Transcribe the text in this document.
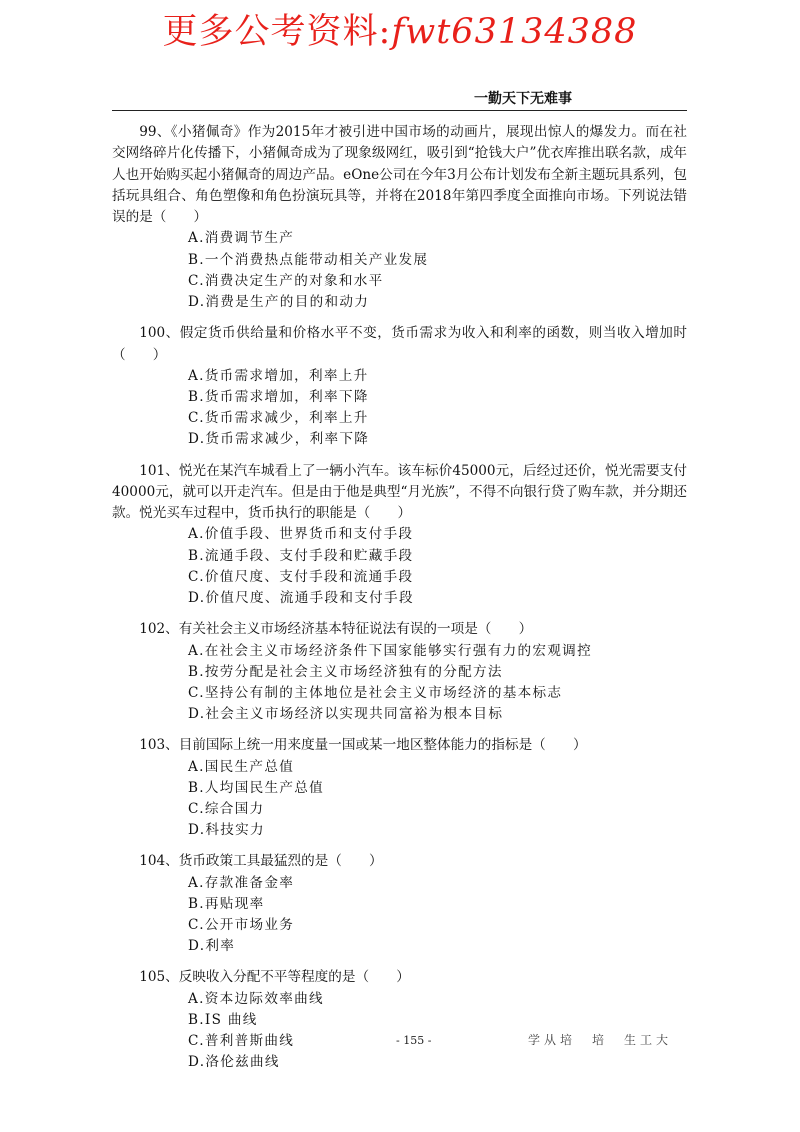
更多公考资料:fwt63134388
一勤天下无难事

99、《小猪佩奇》作为2015年才被引进中国市场的动画片，展现出惊人的爆发力。而在社交网络碎片化传播下，小猪佩奇成为了现象级网红，吸引到“抢钱大户”优衣库推出联名款，成年人也开始购买起小猪佩奇的周边产品。eOne公司在今年3月公布计划发布全新主题玩具系列，包括玩具组合、角色塑像和角色扮演玩具等，并将在2018年第四季度全面推向市场。下列说法错误的是（　　）

A.消费调节生产
B.一个消费热点能带动相关产业发展
C.消费决定生产的对象和水平
D.消费是生产的目的和动力

100、假定货币供给量和价格水平不变，货币需求为收入和利率的函数，则当收入增加时（　　）

A.货币需求增加，利率上升
B.货币需求增加，利率下降
C.货币需求减少，利率上升
D.货币需求减少，利率下降

101、悦光在某汽车城看上了一辆小汽车。该车标价45000元，后经过还价，悦光需要支付40000元，就可以开走汽车。但是由于他是典型“月光族”，不得不向银行贷了购车款，并分期还款。悦光买车过程中，货币执行的职能是（　　）

A.价值手段、世界货币和支付手段
B.流通手段、支付手段和贮藏手段
C.价值尺度、支付手段和流通手段
D.价值尺度、流通手段和支付手段

102、有关社会主义市场经济基本特征说法有误的一项是（　　）

A.在社会主义市场经济条件下国家能够实行强有力的宏观调控
B.按劳分配是社会主义市场经济独有的分配方法
C.坚持公有制的主体地位是社会主义市场经济的基本标志
D.社会主义市场经济以实现共同富裕为根本目标

103、目前国际上统一用来度量一国或某一地区整体能力的指标是（　　）

A.国民生产总值
B.人均国民生产总值
C.综合国力
D.科技实力

104、货币政策工具最猛烈的是（　　）

A.存款准备金率
B.再贴现率
C.公开市场业务
D.利率

105、反映收入分配不平等程度的是（　　）

A.资本边际效率曲线
B.IS 曲线
C.普利普斯曲线
D.洛伦兹曲线
- 155 -	学从培　培　生工大
